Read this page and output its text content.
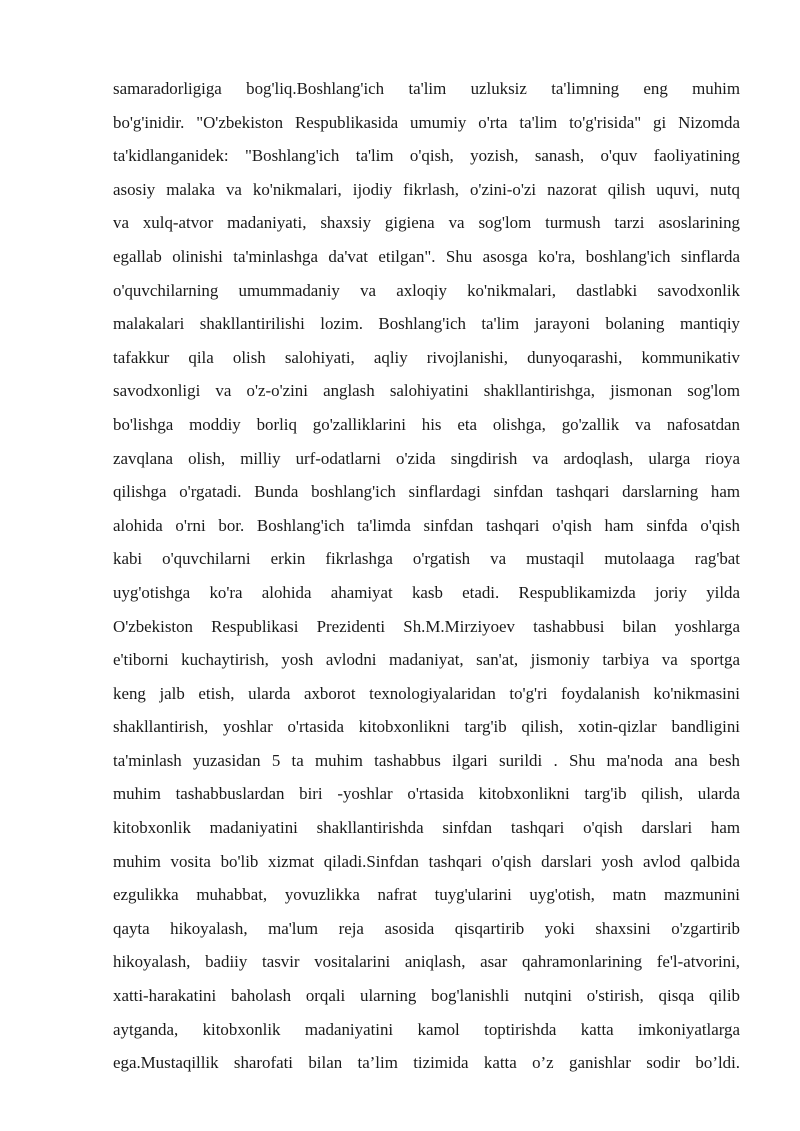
samaradorligiga bog'liq.Boshlang'ich ta'lim uzluksiz ta'limning eng muhim
bo'g'inidir. "O'zbekiston Respublikasida umumiy o'rta ta'lim to'g'risida" gi Nizomda
ta'kidlanganidek: "Boshlang'ich ta'lim o'qish, yozish, sanash, o'quv faoliyatining
asosiy malaka va ko'nikmalari, ijodiy fikrlash, o'zini-o'zi nazorat qilish uquvi, nutq
va xulq-atvor madaniyati, shaxsiy gigiena va sog'lom turmush tarzi asoslarining
egallab olinishi ta'minlashga da'vat etilgan". Shu asosga ko'ra, boshlang'ich sinflarda
o'quvchilarning umummadaniy va axloqiy ko'nikmalari, dastlabki savodxonlik
malakalari shakllantirilishi lozim. Boshlang'ich ta'lim jarayoni bolaning mantiqiy
tafakkur qila olish salohiyati, aqliy rivojlanishi, dunyoqarashi, kommunikativ
savodxonligi va o'z-o'zini anglash salohiyatini shakllantirishga, jismonan sog'lom
bo'lishga moddiy borliq go'zalliklarini his eta olishga, go'zallik va nafosatdan
zavqlana olish, milliy urf-odatlarni o'zida singdirish va ardoqlash, ularga rioya
qilishga o'rgatadi. Bunda boshlang'ich sinflardagi sinfdan tashqari darslarning ham
alohida o'rni bor. Boshlang'ich ta'limda sinfdan tashqari o'qish ham sinfda o'qish
kabi o'quvchilarni erkin fikrlashga o'rgatish va mustaqil mutolaaga rag'bat
uyg'otishga ko'ra alohida ahamiyat kasb etadi. Respublikamizda joriy yilda
O'zbekiston Respublikasi Prezidenti Sh.M.Mirziyoev tashabbusi bilan yoshlarga
e'tiborni kuchaytirish, yosh avlodni madaniyat, san'at, jismoniy tarbiya va sportga
keng jalb etish, ularda axborot texnologiyalaridan to'g'ri foydalanish ko'nikmasini
shakllantirish, yoshlar o'rtasida kitobxonlikni targ'ib qilish, xotin-qizlar bandligini
ta'minlash yuzasidan 5 ta muhim tashabbus ilgari surildi . Shu ma'noda ana besh
muhim tashabbuslardan biri -yoshlar o'rtasida kitobxonlikni targ'ib qilish, ularda
kitobxonlik madaniyatini shakllantirishda sinfdan tashqari o'qish darslari ham
muhim vosita bo'lib xizmat qiladi.Sinfdan tashqari o'qish darslari yosh avlod qalbida
ezgulikka muhabbat, yovuzlikka nafrat tuyg'ularini uyg'otish, matn mazmunini
qayta hikoyalash, ma'lum reja asosida qisqartirib yoki shaxsini o'zgartirib
hikoyalash, badiiy tasvir vositalarini aniqlash, asar qahramonlarining fe'l-atvorini,
xatti-harakatini baholash orqali ularning bog'lanishli nutqini o'stirish, qisqa qilib
aytganda, kitobxonlik madaniyatini kamol toptirishda katta imkoniyatlarga
ega.Mustaqillik sharofati bilan ta’lim tizimida katta o’z ganishlar sodir bo’ldi.
